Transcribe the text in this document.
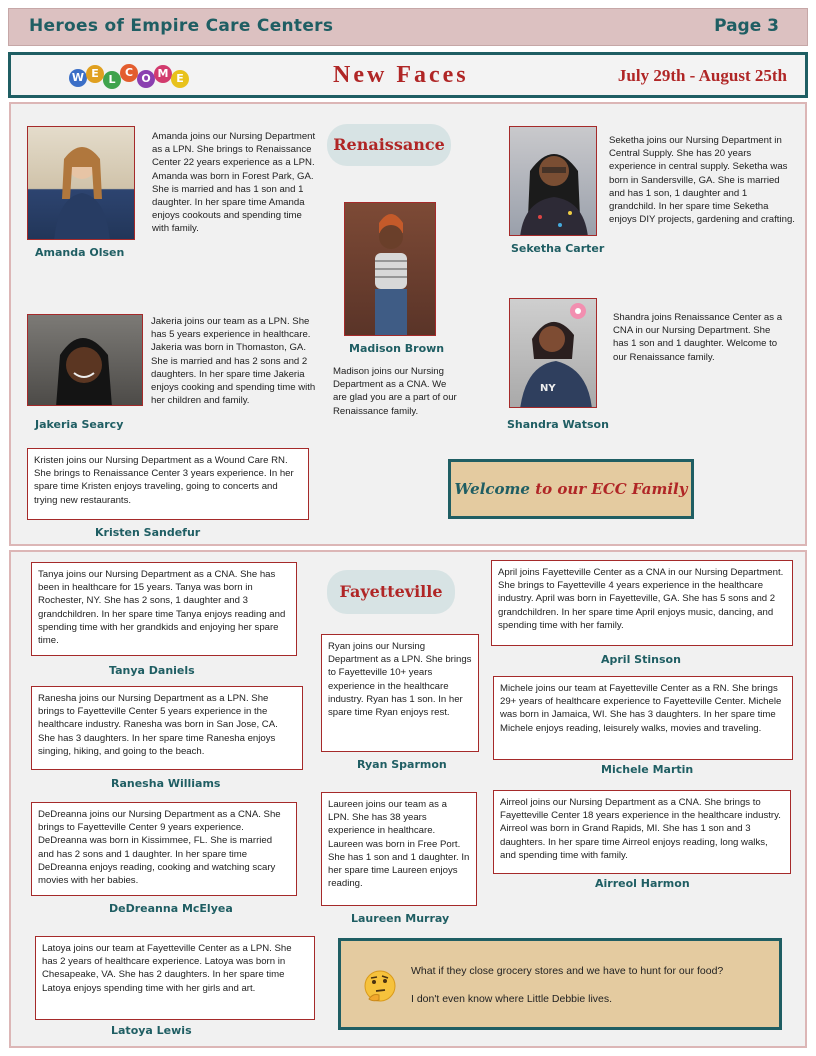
Heroes of Empire Care Centers	Page 3
W E L
C O M E	New Faces	July 29th - August 25th
Renaissance
Amanda Olsen
Amanda joins our Nursing Department as a LPN. She brings to Renaissance Center 22 years experience as a LPN. Amanda was born in Forest Park, GA. She is married and has 1 son and 1 daughter. In her spare time Amanda enjoys cookouts and spending time with family.
Seketha Carter
Seketha joins our Nursing Department in Central Supply. She has 20 years experience in central supply. Seketha was born in Sandersville, GA. She is married and has 1 son, 1 daughter and 1 grandchild. In her spare time Seketha enjoys DIY projects, gardening and crafting.
Madison Brown
Madison joins our Nursing Department as a CNA. We are glad you are a part of our Renaissance family.
Jakeria Searcy
Jakeria joins our team as a LPN. She has 5 years experience in healthcare. Jakeria was born in Thomaston, GA. She is married and has 2 sons and 2 daughters. In her spare time Jakeria enjoys cooking and spending time with her children and family.
NY
Shandra Watson
Shandra joins Renaissance Center as a CNA in our Nursing Department. She has 1 son and 1 daughter. Welcome to our Renaissance family.
Kristen joins our Nursing Department as a Wound Care RN. She brings to Renaissance Center 3 years experience. In her spare time Kristen enjoys traveling, going to concerts and trying new restaurants.
Kristen Sandefur
Welcome to our ECC Family
Fayetteville
Tanya joins our Nursing Department as a CNA. She has been in healthcare for 15 years. Tanya was born in Rochester, NY. She has 2 sons, 1 daughter and 3 grandchildren. In her spare time Tanya enjoys reading and spending time with her grandkids and enjoying her spare time.
Tanya Daniels
April joins Fayetteville Center as a CNA in our Nursing Department. She brings to Fayetteville 4 years experience in the healthcare industry. April was born in Fayetteville, GA. She has 5 sons and 2 grandchildren. In her spare time April enjoys music, dancing, and spending time with her family.
April Stinson
Ryan joins our Nursing Department as a LPN. She brings to Fayetteville 10+ years experience in the healthcare industry. Ryan has 1 son. In her spare time Ryan enjoys rest.
Ryan Sparmon
Ranesha joins our Nursing Department as a LPN. She brings to Fayetteville Center 5 years experience in the healthcare industry. Ranesha was born in San Jose, CA. She has 3 daughters. In her spare time Ranesha enjoys singing, hiking, and going to the beach.
Ranesha Williams
Michele joins our team at Fayetteville Center as a RN. She brings 29+ years of healthcare experience to Fayetteville Center. Michele was born in Jamaica, WI. She has 3 daughters. In her spare time Michele enjoys reading, leisurely walks, movies and traveling.
Michele Martin
DeDreanna joins our Nursing Department as a CNA. She brings to Fayetteville Center 9 years experience. DeDreanna was born in Kissimmee, FL. She is married and has 2 sons and 1 daughter. In her spare time DeDreanna enjoys reading, cooking and watching scary movies with her babies.
DeDreanna McElyea
Laureen joins our team as a LPN. She has 38 years experience in healthcare. Laureen was born in Free Port. She has 1 son and 1 daughter. In her spare time Laureen enjoys reading.
Laureen Murray
Airreol joins our Nursing Department as a CNA. She brings to Fayetteville Center 18 years experience in the healthcare industry. Airreol was born in Grand Rapids, MI. She has 1 son and 3 daughters. In her spare time Airreol enjoys reading, long walks, and spending time with family.
Airreol Harmon
Latoya joins our team at Fayetteville Center as a LPN. She has 2 years of healthcare experience. Latoya was born in Chesapeake, VA. She has 2 daughters. In her spare time Latoya enjoys spending time with her girls and art.
Latoya Lewis
What if they close grocery stores and we have to hunt for our food?
I don't even know where Little Debbie lives.
